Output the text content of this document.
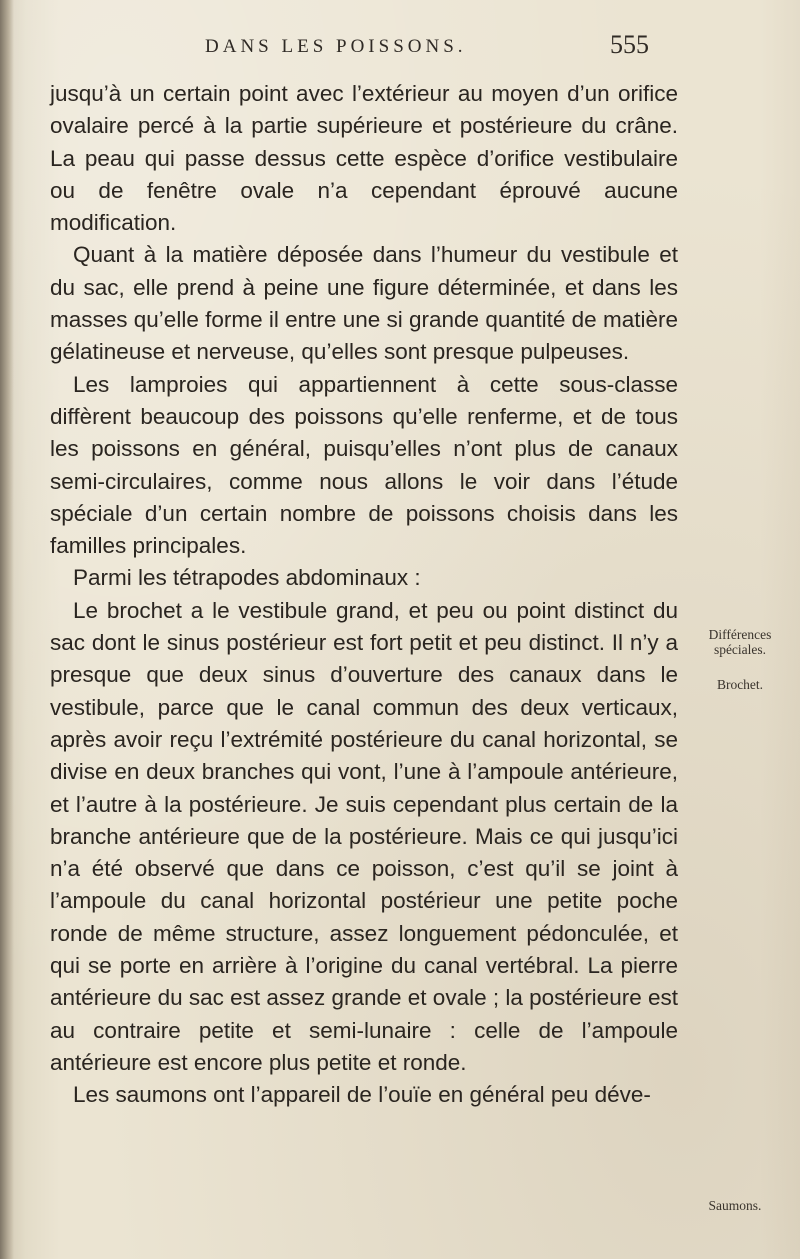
DANS LES POISSONS.	555

jusqu’à un certain point avec l’extérieur au moyen d’un orifice ovalaire percé à la partie supérieure et postérieure du crâne. La peau qui passe dessus cette espèce d’orifice vestibulaire ou de fenêtre ovale n’a cependant éprouvé aucune modification.

Quant à la matière déposée dans l’humeur du vestibule et du sac, elle prend à peine une figure déterminée, et dans les masses qu’elle forme il entre une si grande quantité de matière gélatineuse et nerveuse, qu’elles sont presque pulpeuses.

Les lamproies qui appartiennent à cette sous-classe diffèrent beaucoup des poissons qu’elle renferme, et de tous les poissons en général, puisqu’elles n’ont plus de canaux semi-circulaires, comme nous allons le voir dans l’étude spéciale d’un certain nombre de poissons choisis dans les familles principales.

Parmi les tétrapodes abdominaux :

Le brochet a le vestibule grand, et peu ou point distinct du sac dont le sinus postérieur est fort petit et peu distinct. Il n’y a presque que deux sinus d’ouverture des canaux dans le vestibule, parce que le canal commun des deux verticaux, après avoir reçu l’extrémité postérieure du canal horizontal, se divise en deux branches qui vont, l’une à l’ampoule antérieure, et l’autre à la postérieure. Je suis cependant plus certain de la branche antérieure que de la postérieure. Mais ce qui jusqu’ici n’a été observé que dans ce poisson, c’est qu’il se joint à l’ampoule du canal horizontal postérieur une petite poche ronde de même structure, assez longuement pédonculée, et qui se porte en arrière à l’origine du canal vertébral. La pierre antérieure du sac est assez grande et ovale ; la postérieure est au contraire petite et semi-lunaire : celle de l’ampoule antérieure est encore plus petite et ronde.

Les saumons ont l’appareil de l’ouïe en général peu déve-

Différences spéciales.
Brochet.
Saumons.
